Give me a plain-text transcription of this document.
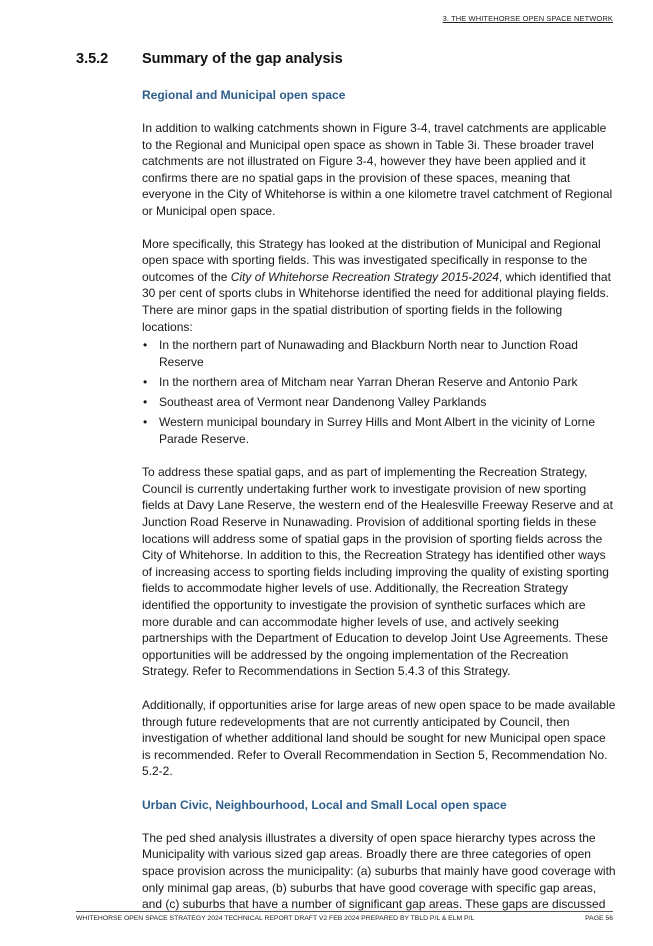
3. THE WHITEHORSE OPEN SPACE NETWORK
3.5.2 Summary of the gap analysis
Regional and Municipal open space

In addition to walking catchments shown in Figure 3-4, travel catchments are applicable to the Regional and Municipal open space as shown in Table 3i. These broader travel catchments are not illustrated on Figure 3-4, however they have been applied and it confirms there are no spatial gaps in the provision of these spaces, meaning that everyone in the City of Whitehorse is within a one kilometre travel catchment of Regional or Municipal open space.

More specifically, this Strategy has looked at the distribution of Municipal and Regional open space with sporting fields. This was investigated specifically in response to the outcomes of the City of Whitehorse Recreation Strategy 2015-2024, which identified that 30 per cent of sports clubs in Whitehorse identified the need for additional playing fields. There are minor gaps in the spatial distribution of sporting fields in the following locations:

• In the northern part of Nunawading and Blackburn North near to Junction Road Reserve
• In the northern area of Mitcham near Yarran Dheran Reserve and Antonio Park
• Southeast area of Vermont near Dandenong Valley Parklands
• Western municipal boundary in Surrey Hills and Mont Albert in the vicinity of Lorne Parade Reserve.

To address these spatial gaps, and as part of implementing the Recreation Strategy, Council is currently undertaking further work to investigate provision of new sporting fields at Davy Lane Reserve, the western end of the Healesville Freeway Reserve and at Junction Road Reserve in Nunawading. Provision of additional sporting fields in these locations will address some of spatial gaps in the provision of sporting fields across the City of Whitehorse. In addition to this, the Recreation Strategy has identified other ways of increasing access to sporting fields including improving the quality of existing sporting fields to accommodate higher levels of use. Additionally, the Recreation Strategy identified the opportunity to investigate the provision of synthetic surfaces which are more durable and can accommodate higher levels of use, and actively seeking partnerships with the Department of Education to develop Joint Use Agreements. These opportunities will be addressed by the ongoing implementation of the Recreation Strategy. Refer to Recommendations in Section 5.4.3 of this Strategy.

Additionally, if opportunities arise for large areas of new open space to be made available through future redevelopments that are not currently anticipated by Council, then investigation of whether additional land should be sought for new Municipal open space is recommended. Refer to Overall Recommendation in Section 5, Recommendation No. 5.2-2.

Urban Civic, Neighbourhood, Local and Small Local open space

The ped shed analysis illustrates a diversity of open space hierarchy types across the Municipality with various sized gap areas. Broadly there are three categories of open space provision across the municipality: (a) suburbs that mainly have good coverage with only minimal gap areas, (b) suburbs that have good coverage with specific gap areas, and (c) suburbs that have a number of significant gap areas. These gaps are discussed

WHITEHORSE OPEN SPACE STRATEGY 2024 TECHNICAL REPORT DRAFT V2 FEB 2024 PREPARED BY TBLD P/L & ELM P/L	PAGE 56
